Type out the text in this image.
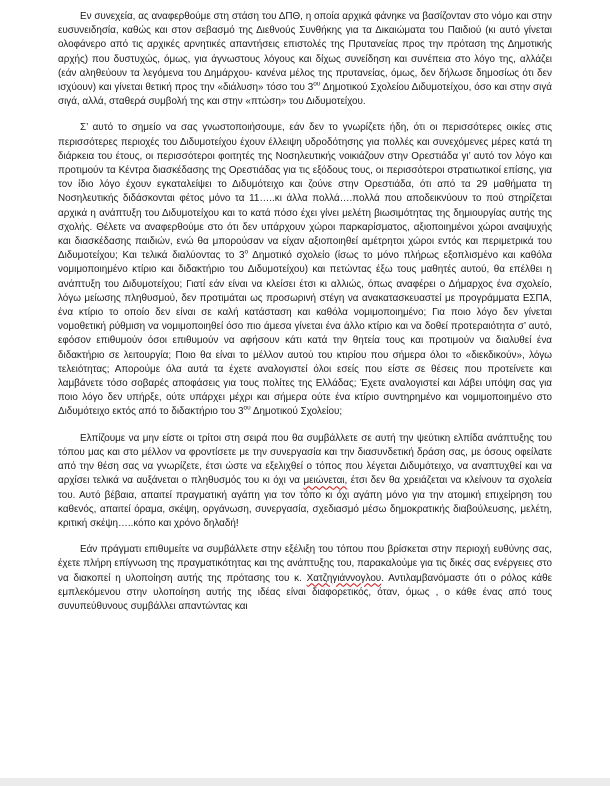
Εν συνεχεία, ας αναφερθούμε στη στάση του ΔΠΘ, η οποία αρχικά φάνηκε να βασίζονταν στο νόμο και στην ευσυνειδησία, καθώς και στον σεβασμό της Διεθνούς Συνθήκης για τα Δικαιώματα του Παιδιού (κι αυτό γίνεται ολοφάνερο από τις αρχικές αρνητικές απαντήσεις επιστολές της Πρυτανείας προς την πρόταση της Δημοτικής αρχής) που δυστυχώς, όμως, για άγνωστους λόγους και δίχως συνείδηση και συνέπεια στο λόγο της, αλλάζει (εάν αληθεύουν τα λεγόμενα του Δημάρχου- κανένα μέλος της πρυτανείας, όμως, δεν δήλωσε δημοσίως ότι δεν ισχύουν) και γίνεται θετική προς την «διάλυση» τόσο του $3^{o\upsilon}$ Δημοτικού Σχολείου Διδυμοτείχου, όσο και στην σιγά σιγά, αλλά, σταθερά συμβολή της και στην «πτώση» του Διδυμοτείχου.

Σ’ αυτό το σημείο να σας γνωστοποιήσουμε, εάν δεν το γνωρίζετε ήδη, ότι οι περισσότερες οικίες στις περισσότερες περιοχές του Διδυμοτείχου έχουν έλλειψη υδροδότησης για πολλές και συνεχόμενες μέρες κατά τη διάρκεια του έτους, οι περισσότεροι φοιτητές της Νοσηλευτικής νοικιάζουν στην Ορεστιάδα γι’ αυτό τον λόγο και προτιμούν τα Κέντρα διασκέδασης της Ορεστιάδας για τις εξόδους τους, οι περισσότεροι στρατιωτικοί επίσης, για τον ίδιο λόγο έχουν εγκαταλείψει το Διδυμότειχο και ζούνε στην Ορεστιάδα, ότι από τα 29 μαθήματα τη Νοσηλευτικής διδάσκονται φέτος μόνο τα 11…..κι άλλα πολλά….πολλά που αποδεικνύουν το πού στηρίζεται αρχικά η ανάπτυξη του Διδυμοτείχου και το κατά πόσο έχει γίνει μελέτη βιωσιμότητας της δημιουργίας αυτής της σχολής. Θέλετε να αναφερθούμε στο ότι δεν υπάρχουν χώροι παρκαρίσματος, αξιοποιημένοι χώροι αναψυχής και διασκέδασης παιδιών, ενώ θα μπορούσαν να είχαν αξιοποιηθεί αμέτρητοι χώροι εντός και περιμετρικά του Διδυμοτείχου; Και τελικά διαλύοντας το $3^o$ Δημοτικό σχολείο (ίσως το μόνο πλήρως εξοπλισμένο και καθόλα νομιμοποιημένο κτίριο και διδακτήριο του Διδυμοτείχου) και πετώντας έξω τους μαθητές αυτού, θα επέλθει η ανάπτυξη του Διδυμοτείχου; Γιατί εάν είναι να κλείσει έτσι κι αλλιώς, όπως αναφέρει ο Δήμαρχος ένα σχολείο, λόγω μείωσης πληθυσμού, δεν προτιμάται ως προσωρινή στέγη να ανακατασκευαστεί με προγράμματα ΕΣΠΑ, ένα κτίριο το οποίο δεν είναι σε καλή κατάσταση και καθόλα νομιμοποιημένο; Για ποιο λόγο δεν γίνεται νομοθετική ρύθμιση να νομιμοποιηθεί όσο πιο άμεσα γίνεται ένα άλλο κτίριο και να δοθεί προτεραιότητα σ’ αυτό, εφόσον επιθυμούν όσοι επιθυμούν να αφήσουν κάτι κατά την θητεία τους και προτιμούν να διαλυθεί ένα διδακτήριο σε λειτουργία; Ποιο θα είναι το μέλλον αυτού του κτιρίου που σήμερα όλοι το «διεκδικούν», λόγω τελειότητας; Απορούμε όλα αυτά τα έχετε αναλογιστεί όλοι εσείς που είστε σε θέσεις που προτείνετε και λαμβάνετε τόσο σοβαρές αποφάσεις για τους πολίτες της Ελλάδας; Έχετε αναλογιστεί και λάβει υπόψη σας για ποιο λόγο δεν υπήρξε, ούτε υπάρχει μέχρι και σήμερα ούτε ένα κτίριο συντηρημένο και νομιμοποιημένο στο Διδυμότειχο εκτός από το διδακτήριο του $3^{o\upsilon}$ Δημοτικού Σχολείου;

Ελπίζουμε να μην είστε οι τρίτοι στη σειρά που θα συμβάλλετε σε αυτή την ψεύτικη ελπίδα ανάπτυξης του τόπου μας και στο μέλλον να φροντίσετε με την συνεργασία και την διασυνδετική δράση σας, με όσους οφείλατε από την θέση σας να γνωρίζετε, έτσι ώστε να εξελιχθεί ο τόπος που λέγεται Διδυμότειχο, να αναπτυχθεί και να αρχίσει τελικά να αυξάνεται ο πληθυσμός του κι όχι να μειώνεται, έτσι δεν θα χρειάζεται να κλείνουν τα σχολεία του. Αυτό βέβαια, απαιτεί πραγματική αγάπη για τον τόπο κι όχι αγάπη μόνο για την ατομική επιχείρηση του καθενός, απαιτεί όραμα, σκέψη, οργάνωση, συνεργασία, σχεδιασμό μέσω δημοκρατικής διαβούλευσης, μελέτη, κριτική σκέψη…..κόπο και χρόνο δηλαδή!

Εάν πράγματι επιθυμείτε να συμβάλλετε στην εξέλιξη του τόπου που βρίσκεται στην περιοχή ευθύνης σας, έχετε πλήρη επίγνωση της πραγματικότητας και της ανάπτυξης του, παρακαλούμε για τις δικές σας ενέργειες στο να διακοπεί η υλοποίηση αυτής της πρότασης του κ. Χατζηγιάννογλου. Αντιλαμβανόμαστε ότι ο ρόλος κάθε εμπλεκόμενου στην υλοποίηση αυτής της ιδέας είναι διαφορετικός, όταν, όμως , ο κάθε ένας από τους συνυπεύθυνους συμβάλλει απαντώντας και
